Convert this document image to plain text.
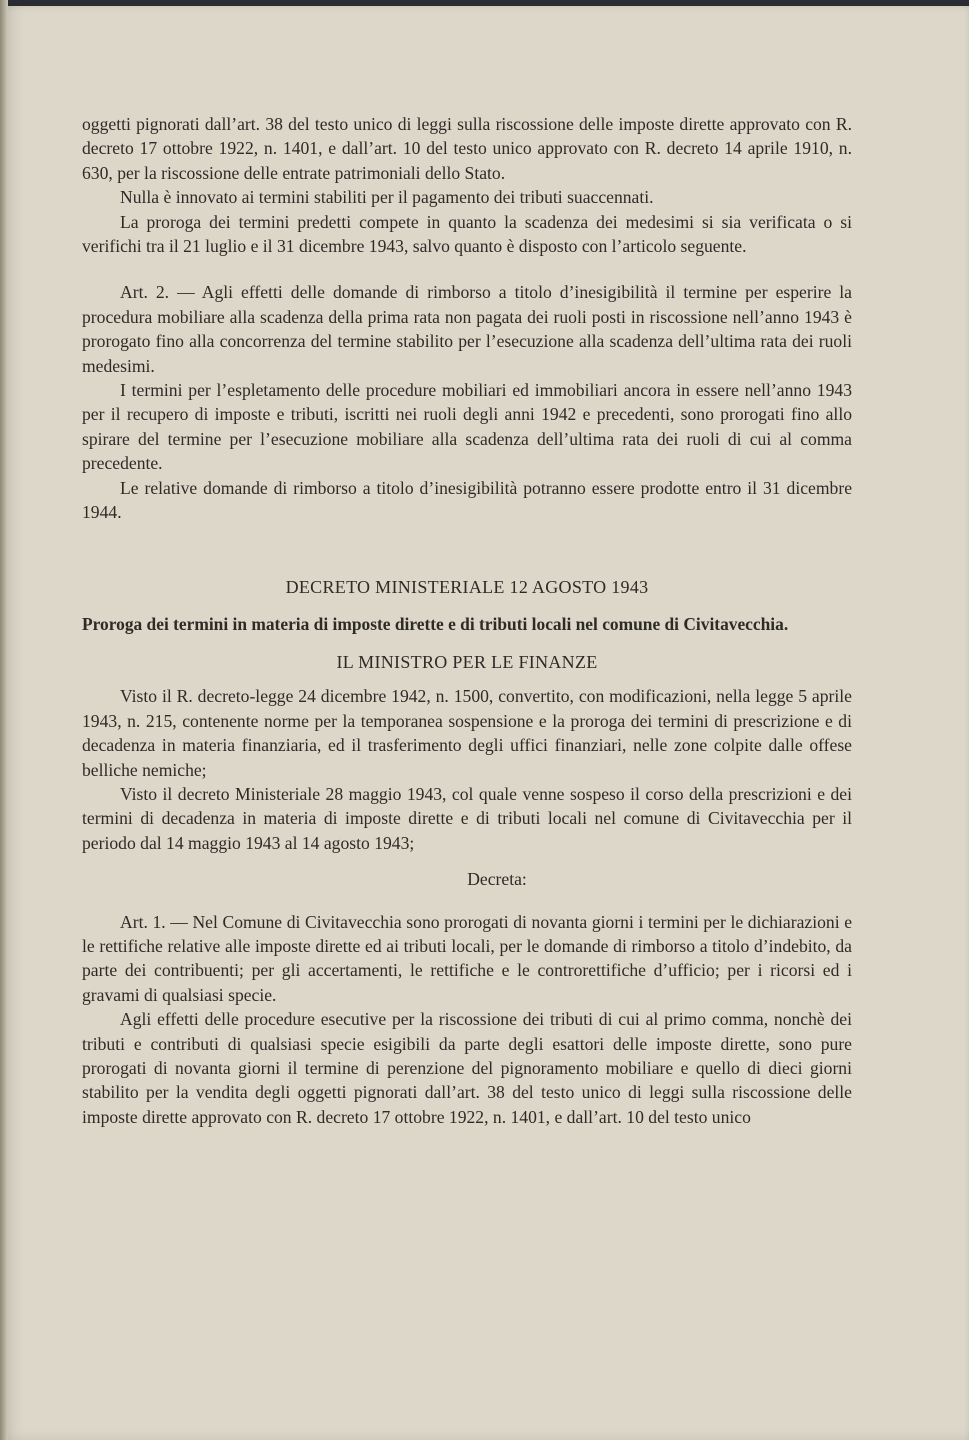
oggetti pignorati dall’art. 38 del testo unico di leggi sulla riscossione delle imposte dirette approvato con R. decreto 17 ottobre 1922, n. 1401, e dall’art. 10 del testo unico approvato con R. decreto 14 aprile 1910, n. 630, per la riscossione delle entrate patrimoniali dello Stato.

Nulla è innovato ai termini stabiliti per il pagamento dei tributi suaccennati.

La proroga dei termini predetti compete in quanto la scadenza dei medesimi si sia verificata o si verifichi tra il 21 luglio e il 31 dicembre 1943, salvo quanto è disposto con l’articolo seguente.

Art. 2. — Agli effetti delle domande di rimborso a titolo d’inesigibilità il termine per esperire la procedura mobiliare alla scadenza della prima rata non pagata dei ruoli posti in riscossione nell’anno 1943 è prorogato fino alla concorrenza del termine stabilito per l’esecuzione alla scadenza dell’ultima rata dei ruoli medesimi.

I termini per l’espletamento delle procedure mobiliari ed immobiliari ancora in essere nell’anno 1943 per il recupero di imposte e tributi, iscritti nei ruoli degli anni 1942 e precedenti, sono prorogati fino allo spirare del termine per l’esecuzione mobiliare alla scadenza dell’ultima rata dei ruoli di cui al comma precedente.

Le relative domande di rimborso a titolo d’inesigibilità potranno essere prodotte entro il 31 dicembre 1944.

DECRETO MINISTERIALE 12 AGOSTO 1943
Proroga dei termini in materia di imposte dirette e di tributi locali nel comune di Civitavecchia.
IL MINISTRO PER LE FINANZE

Visto il R. decreto-legge 24 dicembre 1942, n. 1500, convertito, con modificazioni, nella legge 5 aprile 1943, n. 215, contenente norme per la temporanea sospensione e la proroga dei termini di prescrizione e di decadenza in materia finanziaria, ed il trasferimento degli uffici finanziari, nelle zone colpite dalle offese belliche nemiche;

Visto il decreto Ministeriale 28 maggio 1943, col quale venne sospeso il corso della prescrizioni e dei termini di decadenza in materia di imposte dirette e di tributi locali nel comune di Civitavecchia per il periodo dal 14 maggio 1943 al 14 agosto 1943;

Decreta:

Art. 1. — Nel Comune di Civitavecchia sono prorogati di novanta giorni i termini per le dichiarazioni e le rettifiche relative alle imposte dirette ed ai tributi locali, per le domande di rimborso a titolo d’indebito, da parte dei contribuenti; per gli accertamenti, le rettifiche e le controrettifiche d’ufficio; per i ricorsi ed i gravami di qualsiasi specie.

Agli effetti delle procedure esecutive per la riscossione dei tributi di cui al primo comma, nonchè dei tributi e contributi di qualsiasi specie esigibili da parte degli esattori delle imposte dirette, sono pure prorogati di novanta giorni il termine di perenzione del pignoramento mobiliare e quello di dieci giorni stabilito per la vendita degli oggetti pignorati dall’art. 38 del testo unico di leggi sulla riscossione delle imposte dirette approvato con R. decreto 17 ottobre 1922, n. 1401, e dall’art. 10 del testo unico
